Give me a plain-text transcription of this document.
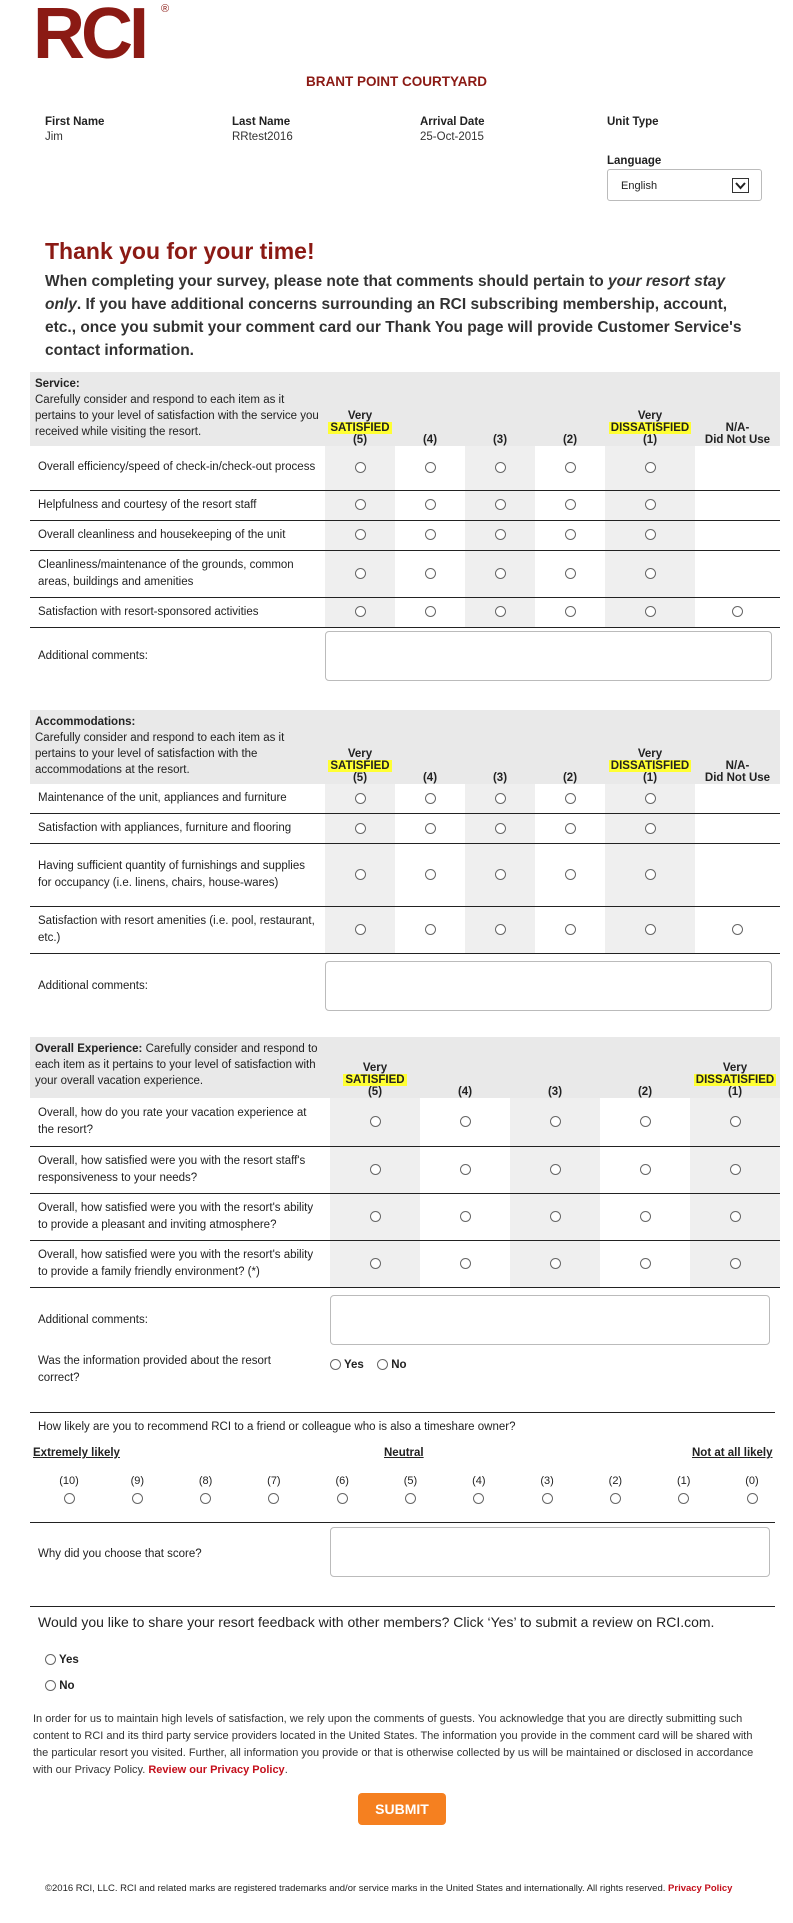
RCI ®
BRANT POINT COURTYARD
First Name
Jim
Last Name
RRtest2016
Arrival Date
25-Oct-2015
Unit Type
Language
English
Thank you for your time!
When completing your survey, please note that comments should pertain to your resort stay only. If you have additional concerns surrounding an RCI subscribing membership, account, etc., once you submit your comment card our Thank You page will provide Customer Service's contact information.
Service:
Carefully consider and respond to each item as it pertains to your level of satisfaction with the service you received while visiting the resort.	Very
SATISFIED
(5)	(4)	(3)	(2)	Very
DISSATISFIED
(1)	N/A-
Did Not Use
Overall efficiency/speed of check-in/check-out process						
Helpfulness and courtesy of the resort staff						
Overall cleanliness and housekeeping of the unit						
Cleanliness/maintenance of the grounds, common areas, buildings and amenities						
Satisfaction with resort-sponsored activities						
Additional comments:						
Accommodations:
Carefully consider and respond to each item as it pertains to your level of satisfaction with the accommodations at the resort.	Very
SATISFIED
(5)	(4)	(3)	(2)	Very
DISSATISFIED
(1)	N/A-
Did Not Use
Maintenance of the unit, appliances and furniture						
Satisfaction with appliances, furniture and flooring						
Having sufficient quantity of furnishings and supplies for occupancy (i.e. linens, chairs, house-wares)						
Satisfaction with resort amenities (i.e. pool, restaurant, etc.)						
Additional comments:						
Overall Experience: Carefully consider and respond to each item as it pertains to your level of satisfaction with your overall vacation experience.	Very
SATISFIED
(5)	(4)	(3)	(2)	Very
DISSATISFIED
(1)
Overall, how do you rate your vacation experience at the resort?					
Overall, how satisfied were you with the resort staff's responsiveness to your needs?					
Overall, how satisfied were you with the resort's ability to provide a pleasant and inviting atmosphere?					
Overall, how satisfied were you with the resort's ability to provide a family friendly environment? (*)					
Additional comments:					
Was the information provided about the resort correct?
Yes No
How likely are you to recommend RCI to a friend or colleague who is also a timeshare owner?
Extremely likely	Neutral	Not at all likely
(10)	(9)	(8)	(7)	(6)	(5)	(4)	(3)	(2)	(1)	(0)
Why did you choose that score?
Would you like to share your resort feedback with other members? Click ‘Yes’ to submit a review on RCI.com.
Yes
No
In order for us to maintain high levels of satisfaction, we rely upon the comments of guests. You acknowledge that you are directly submitting such content to RCI and its third party service providers located in the United States. The information you provide in the comment card will be shared with the particular resort you visited. Further, all information you provide or that is otherwise collected by us will be maintained or disclosed in accordance with our Privacy Policy. Review our Privacy Policy.
SUBMIT
©2016 RCI, LLC. RCI and related marks are registered trademarks and/or service marks in the United States and internationally. All rights reserved. Privacy Policy
